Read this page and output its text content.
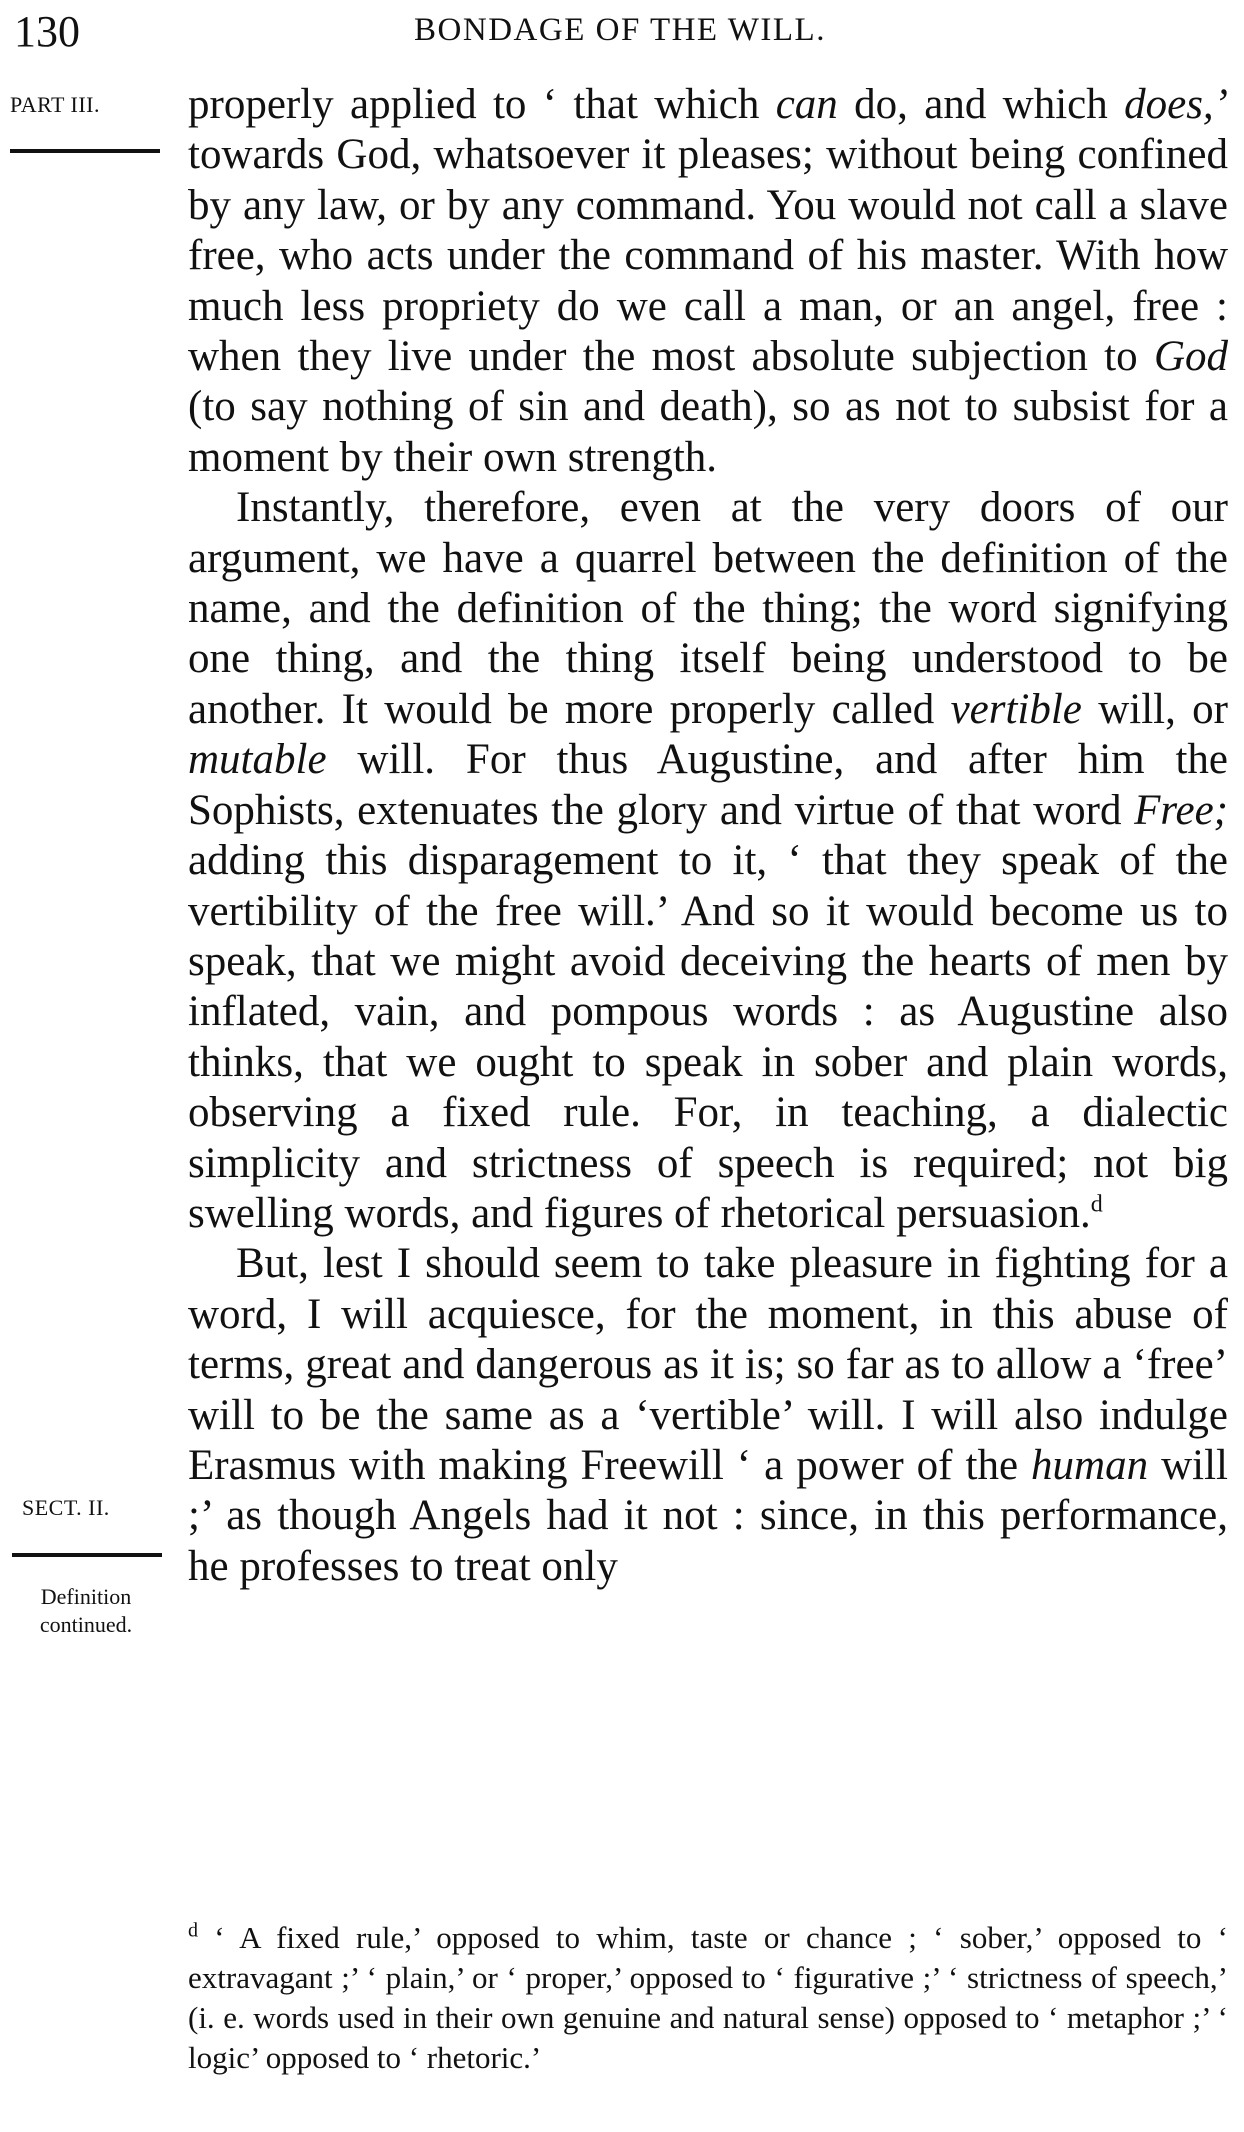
130	BONDAGE OF THE WILL.
PART III.
SECT. II.
Definition
continued.

properly applied to ‘ that which can do, and which does,’ towards God, whatsoever it pleases; without being confined by any law, or by any command. You would not call a slave free, who acts under the command of his master. With how much less propriety do we call a man, or an angel, free : when they live under the most absolute subjection to God (to say nothing of sin and death), so as not to subsist for a moment by their own strength.

Instantly, therefore, even at the very doors of our argument, we have a quarrel between the definition of the name, and the definition of the thing; the word signifying one thing, and the thing itself being understood to be another. It would be more properly called vertible will, or mutable will. For thus Augustine, and after him the Sophists, extenuates the glory and virtue of that word Free; adding this disparagement to it, ‘ that they speak of the vertibility of the free will.’ And so it would become us to speak, that we might avoid deceiving the hearts of men by inflated, vain, and pompous words : as Augustine also thinks, that we ought to speak in sober and plain words, observing a fixed rule. For, in teaching, a dialectic simplicity and strictness of speech is required; not big swelling words, and figures of rhetorical persuasion.$^d$

But, lest I should seem to take pleasure in fighting for a word, I will acquiesce, for the moment, in this abuse of terms, great and dangerous as it is; so far as to allow a ‘free’ will to be the same as a ‘vertible’ will. I will also indulge Erasmus with making Freewill ‘ a power of the human will ;’ as though Angels had it not : since, in this performance, he professes to treat only

$^d$ ‘ A fixed rule,’ opposed to whim, taste or chance ; ‘ sober,’ opposed to ‘ extravagant ;’ ‘ plain,’ or ‘ proper,’ opposed to ‘ figurative ;’ ‘ strictness of speech,’ (i. e. words used in their own genuine and natural sense) opposed to ‘ metaphor ;’ ‘ logic’ opposed to ‘ rhetoric.’
